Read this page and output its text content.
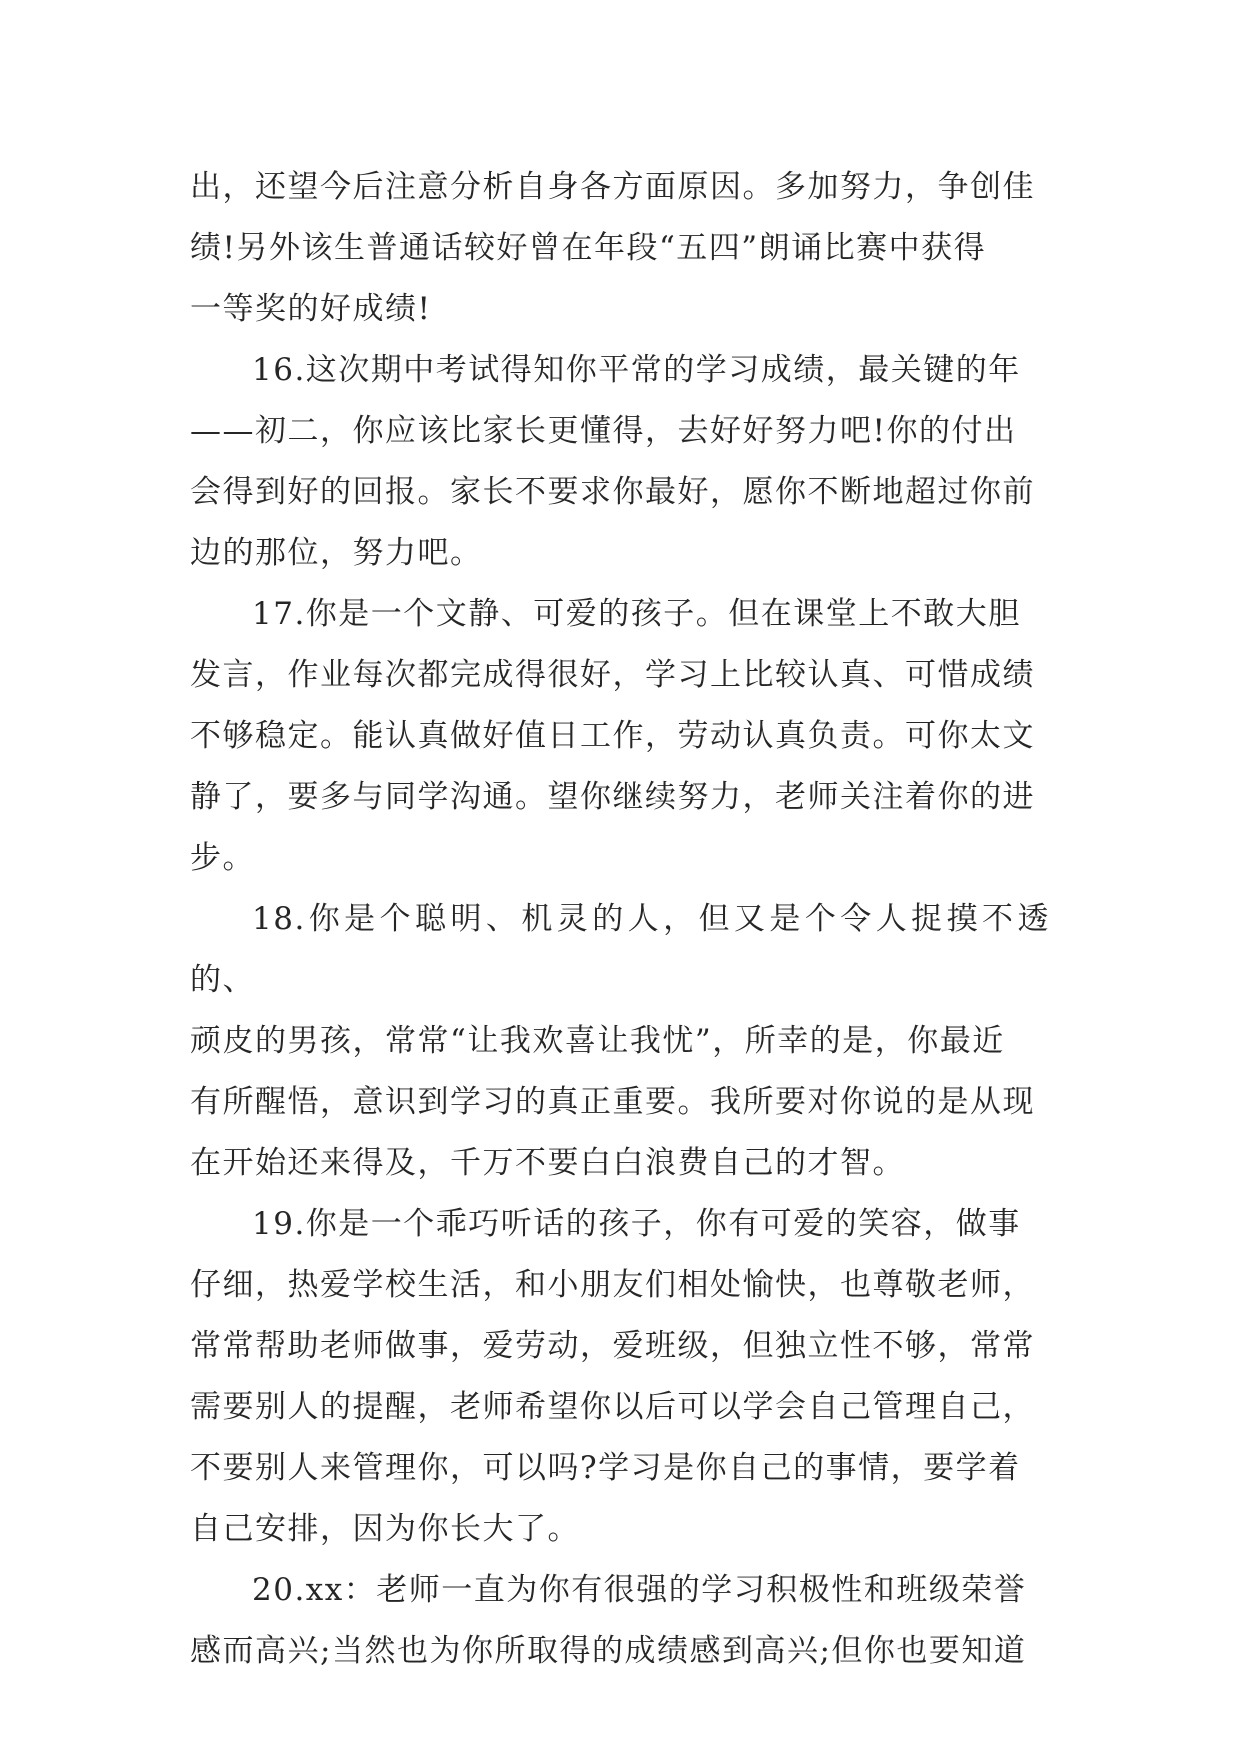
出，还望今后注意分析自身各方面原因。多加努力，争创佳
绩!另外该生普通话较好曾在年段“五四”朗诵比赛中获得
一等奖的好成绩!

16.这次期中考试得知你平常的学习成绩，最关键的年
——初二，你应该比家长更懂得，去好好努力吧!你的付出
会得到好的回报。家长不要求你最好，愿你不断地超过你前
边的那位，努力吧。

17.你是一个文静、可爱的孩子。但在课堂上不敢大胆
发言，作业每次都完成得很好，学习上比较认真、可惜成绩
不够稳定。能认真做好值日工作，劳动认真负责。可你太文
静了，要多与同学沟通。望你继续努力，老师关注着你的进
步。

18.你是个聪明、机灵的人，但又是个令人捉摸不透的、
顽皮的男孩，常常“让我欢喜让我忧”，所幸的是，你最近
有所醒悟，意识到学习的真正重要。我所要对你说的是从现
在开始还来得及，千万不要白白浪费自己的才智。

19.你是一个乖巧听话的孩子，你有可爱的笑容，做事
仔细，热爱学校生活，和小朋友们相处愉快，也尊敬老师，
常常帮助老师做事，爱劳动，爱班级，但独立性不够，常常
需要别人的提醒，老师希望你以后可以学会自己管理自己，
不要别人来管理你，可以吗?学习是你自己的事情，要学着
自己安排，因为你长大了。

20.xx：老师一直为你有很强的学习积极性和班级荣誉
感而高兴;当然也为你所取得的成绩感到高兴;但你也要知道
